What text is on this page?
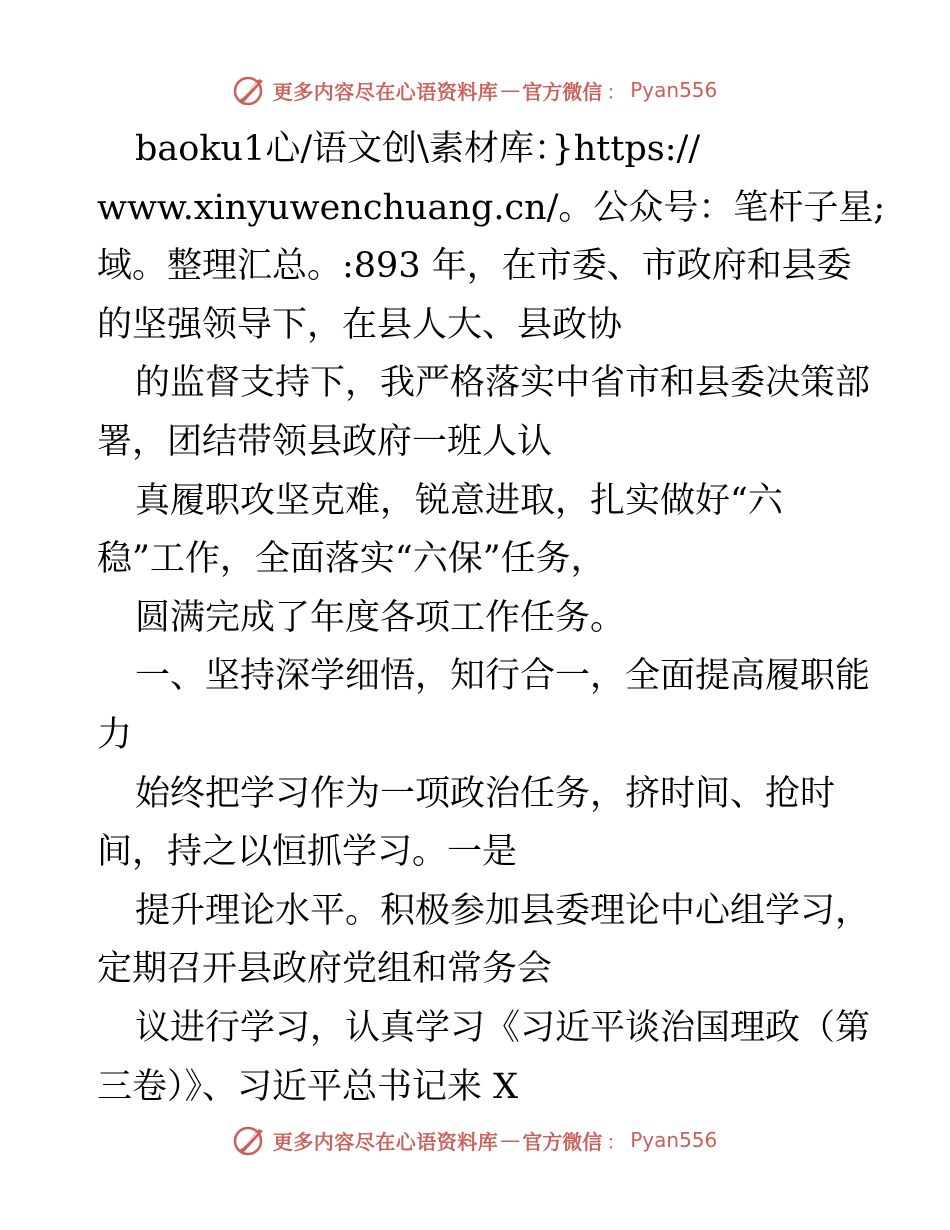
更多内容尽在心语资料库 — 官方微信 ： Pyan556
baoku1心/语文创\素材库：}https://
www.xinyuwenchuang.cn/。公众号：笔杆子星;
域。整理汇总。:893 年，在市委、市政府和县委
的坚强领导下，在县人大、县政协
的监督支持下，我严格落实中省市和县委决策部
署，团结带领县政府一班人认
真履职攻坚克难，锐意进取，扎实做好“六
稳”工作，全面落实“六保”任务，
圆满完成了年度各项工作任务。
一、坚持深学细悟，知行合一，全面提高履职能
力
始终把学习作为一项政治任务，挤时间、抢时
间，持之以恒抓学习。一是
提升理论水平。积极参加县委理论中心组学习，
定期召开县政府党组和常务会
议进行学习，认真学习《习近平谈治国理政（第
三卷）》、习近平总书记来 X
更多内容尽在心语资料库 — 官方微信 ： Pyan556
